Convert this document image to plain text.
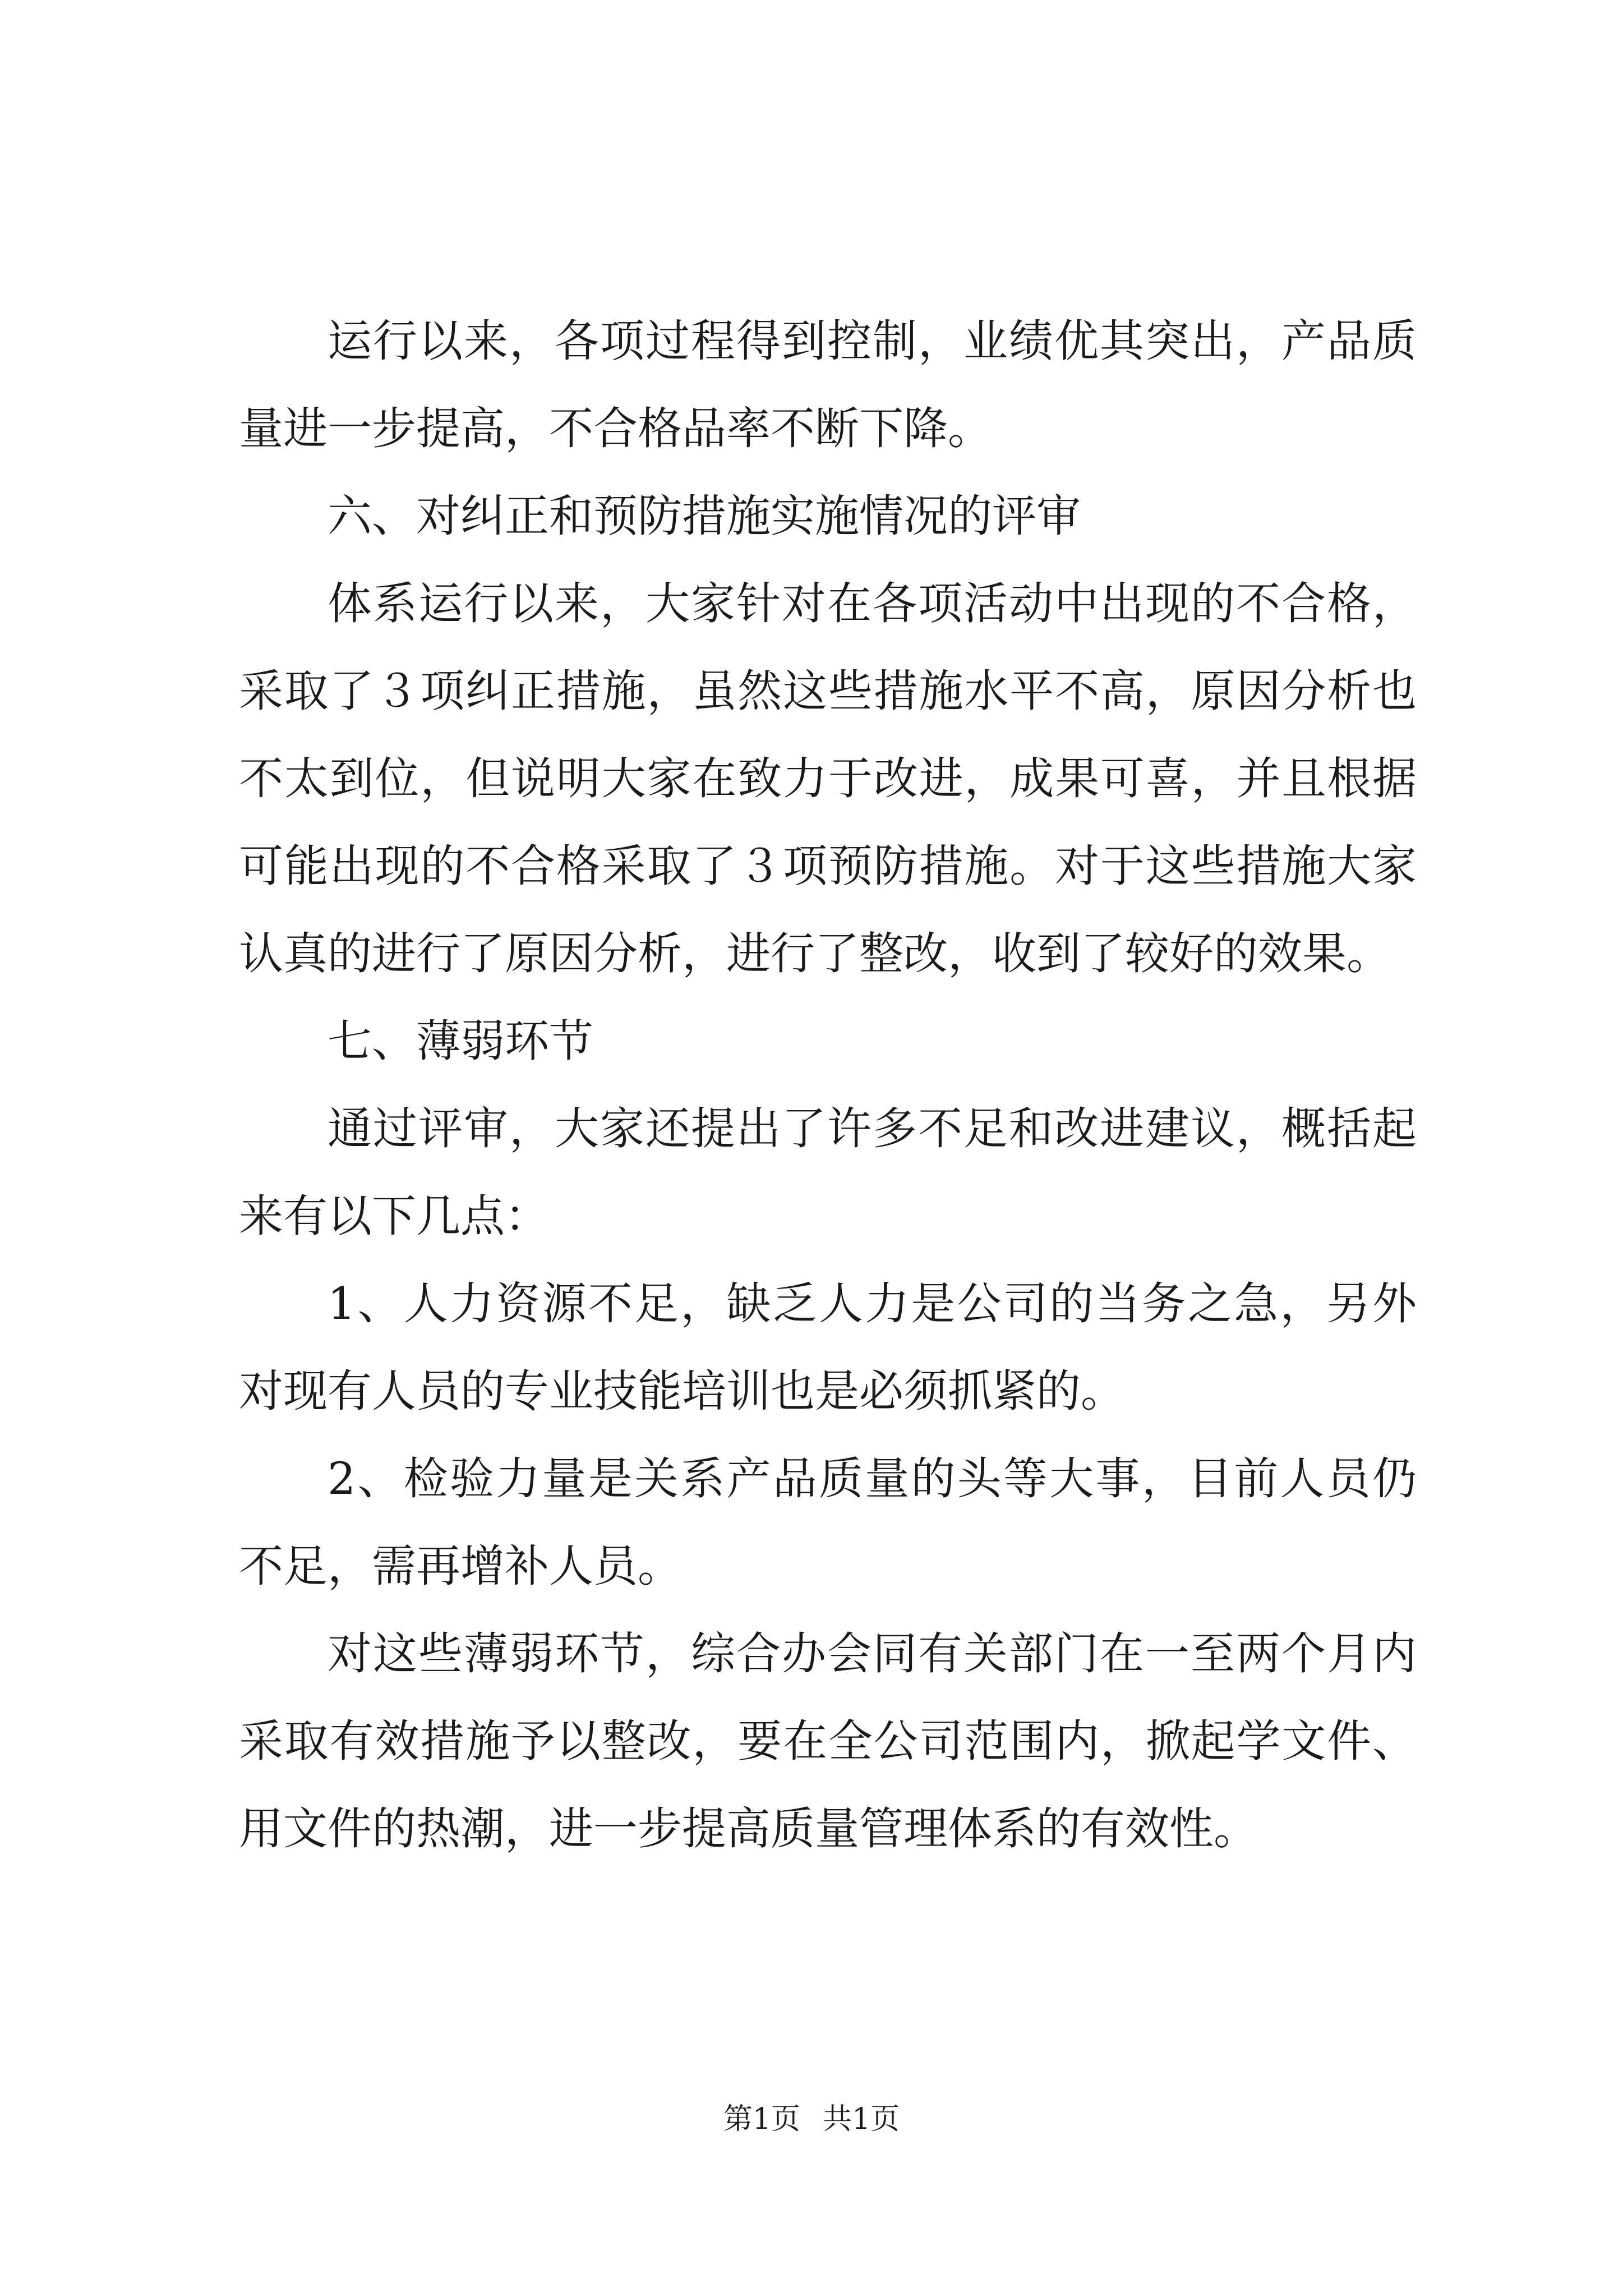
运行以来，各项过程得到控制，业绩优其突出，产品质量进一步提高，不合格品率不断下降。

六、对纠正和预防措施实施情况的评审

体系运行以来，大家针对在各项活动中出现的不合格，采取了３项纠正措施，虽然这些措施水平不高，原因分析也不太到位，但说明大家在致力于改进，成果可喜，并且根据可能出现的不合格采取了３项预防措施。对于这些措施大家认真的进行了原因分析，进行了整改，收到了较好的效果。

七、薄弱环节

通过评审，大家还提出了许多不足和改进建议，概括起来有以下几点：

1、人力资源不足，缺乏人力是公司的当务之急，另外对现有人员的专业技能培训也是必须抓紧的。

2、检验力量是关系产品质量的头等大事，目前人员仍不足，需再增补人员。

对这些薄弱环节，综合办会同有关部门在一至两个月内采取有效措施予以整改，要在全公司范围内，掀起学文件、用文件的热潮，进一步提高质量管理体系的有效性。

第1页 共1页
